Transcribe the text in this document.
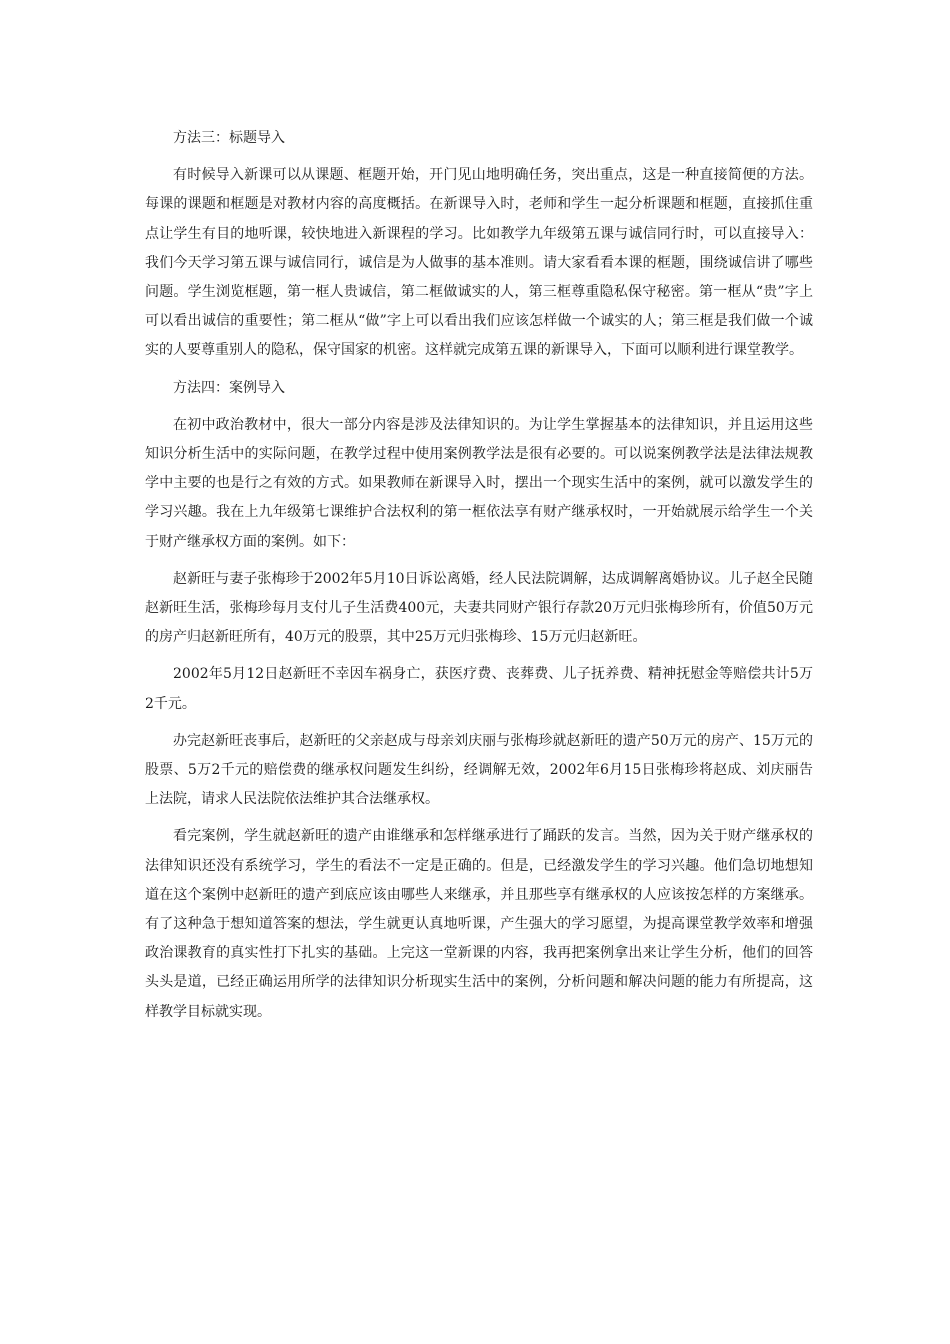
方法三：标题导入

有时候导入新课可以从课题、框题开始，开门见山地明确任务，突出重点，这是一种直接简便的方法。每课的课题和框题是对教材内容的高度概括。在新课导入时，老师和学生一起分析课题和框题，直接抓住重点让学生有目的地听课，较快地进入新课程的学习。比如教学九年级第五课与诚信同行时，可以直接导入：我们今天学习第五课与诚信同行，诚信是为人做事的基本准则。请大家看看本课的框题，围绕诚信讲了哪些问题。学生浏览框题，第一框人贵诚信，第二框做诚实的人，第三框尊重隐私保守秘密。第一框从“贵”字上可以看出诚信的重要性；第二框从“做”字上可以看出我们应该怎样做一个诚实的人；第三框是我们做一个诚实的人要尊重别人的隐私，保守国家的机密。这样就完成第五课的新课导入，下面可以顺利进行课堂教学。

方法四：案例导入

在初中政治教材中，很大一部分内容是涉及法律知识的。为让学生掌握基本的法律知识，并且运用这些知识分析生活中的实际问题，在教学过程中使用案例教学法是很有必要的。可以说案例教学法是法律法规教学中主要的也是行之有效的方式。如果教师在新课导入时，摆出一个现实生活中的案例，就可以激发学生的学习兴趣。我在上九年级第七课维护合法权利的第一框依法享有财产继承权时，一开始就展示给学生一个关于财产继承权方面的案例。如下：

赵新旺与妻子张梅珍于2002年5月10日诉讼离婚，经人民法院调解，达成调解离婚协议。儿子赵全民随赵新旺生活，张梅珍每月支付儿子生活费400元，夫妻共同财产银行存款20万元归张梅珍所有，价值50万元的房产归赵新旺所有，40万元的股票，其中25万元归张梅珍、15万元归赵新旺。

2002年5月12日赵新旺不幸因车祸身亡，获医疗费、丧葬费、儿子抚养费、精神抚慰金等赔偿共计5万2千元。

办完赵新旺丧事后，赵新旺的父亲赵成与母亲刘庆丽与张梅珍就赵新旺的遗产50万元的房产、15万元的股票、5万2千元的赔偿费的继承权问题发生纠纷，经调解无效，2002年6月15日张梅珍将赵成、刘庆丽告上法院，请求人民法院依法维护其合法继承权。

看完案例，学生就赵新旺的遗产由谁继承和怎样继承进行了踊跃的发言。当然，因为关于财产继承权的法律知识还没有系统学习，学生的看法不一定是正确的。但是，已经激发学生的学习兴趣。他们急切地想知道在这个案例中赵新旺的遗产到底应该由哪些人来继承，并且那些享有继承权的人应该按怎样的方案继承。有了这种急于想知道答案的想法，学生就更认真地听课，产生强大的学习愿望，为提高课堂教学效率和增强政治课教育的真实性打下扎实的基础。上完这一堂新课的内容，我再把案例拿出来让学生分析，他们的回答头头是道，已经正确运用所学的法律知识分析现实生活中的案例，分析问题和解决问题的能力有所提高，这样教学目标就实现。
